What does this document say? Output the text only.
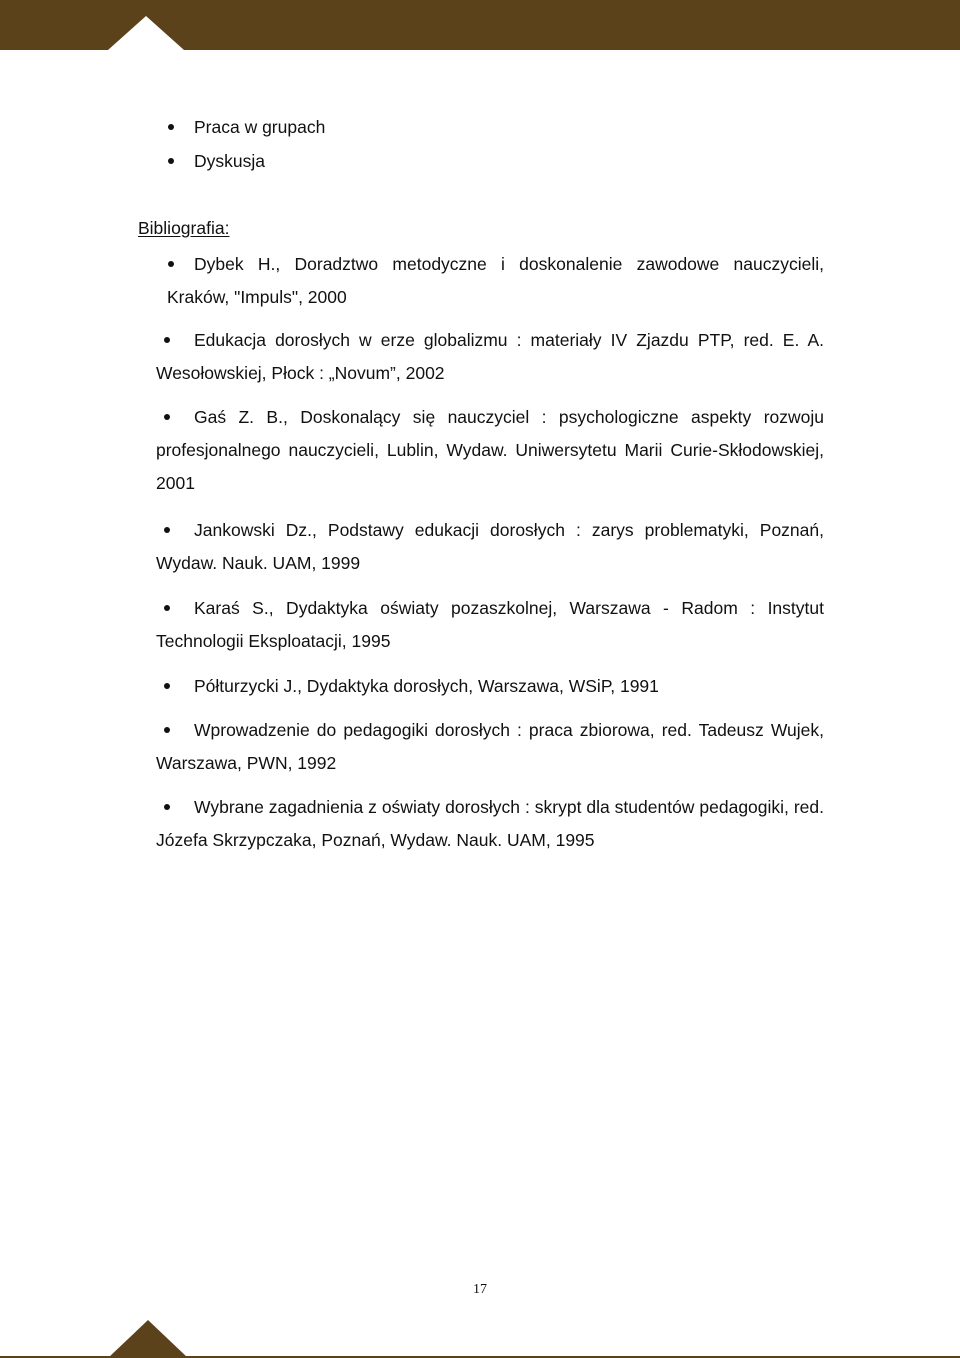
Praca w grupach
Dyskusja
Bibliografia:
Dybek H., Doradztwo metodyczne i doskonalenie zawodowe nauczycieli, Kraków, "Impuls", 2000
Edukacja dorosłych w erze globalizmu : materiały IV Zjazdu PTP, red. E. A. Wesołowskiej, Płock : „Novum”, 2002
Gaś Z. B., Doskonalący się nauczyciel : psychologiczne aspekty rozwoju profesjonalnego nauczycieli, Lublin, Wydaw. Uniwersytetu Marii Curie-Skłodowskiej, 2001
Jankowski Dz., Podstawy edukacji dorosłych : zarys problematyki, Poznań, Wydaw. Nauk. UAM, 1999
Karaś S., Dydaktyka oświaty pozaszkolnej, Warszawa - Radom : Instytut Technologii Eksploatacji, 1995
Półturzycki J., Dydaktyka dorosłych, Warszawa, WSiP, 1991
Wprowadzenie do pedagogiki dorosłych : praca zbiorowa, red. Tadeusz Wujek, Warszawa, PWN, 1992
Wybrane zagadnienia z oświaty dorosłych : skrypt dla studentów pedagogiki, red. Józefa Skrzypczaka, Poznań, Wydaw. Nauk. UAM, 1995
17
